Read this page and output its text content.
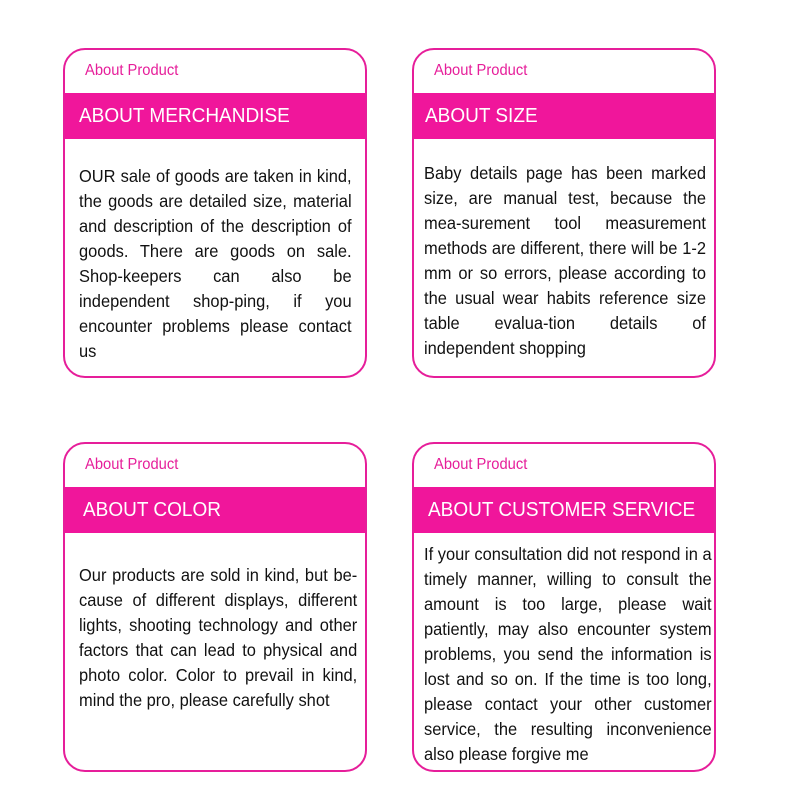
About Product
ABOUT MERCHANDISE
OUR sale of goods are taken in kind, the goods are detailed size, material and description of the description of goods. There are goods on sale. Shop-keepers can also be independent shop-ping, if you encounter problems please contact us
About Product
ABOUT SIZE
Baby details page has been marked size, are manual test, because the mea-surement tool measurement methods are different, there will be 1-2 mm or so errors, please according to the usual wear habits reference size table evalua-tion details of independent shopping
About Product
ABOUT COLOR
Our products are sold in kind, but be-cause of different displays, different lights, shooting technology and other factors that can lead to physical and photo color. Color to prevail in kind, mind the pro, please carefully shot
About Product
ABOUT CUSTOMER SERVICE
If your consultation did not respond in a timely manner, willing to consult the amount is too large, please wait patiently, may also encounter system problems, you send the information is lost and so on. If the time is too long, please contact your other customer service, the resulting inconvenience also please forgive me
